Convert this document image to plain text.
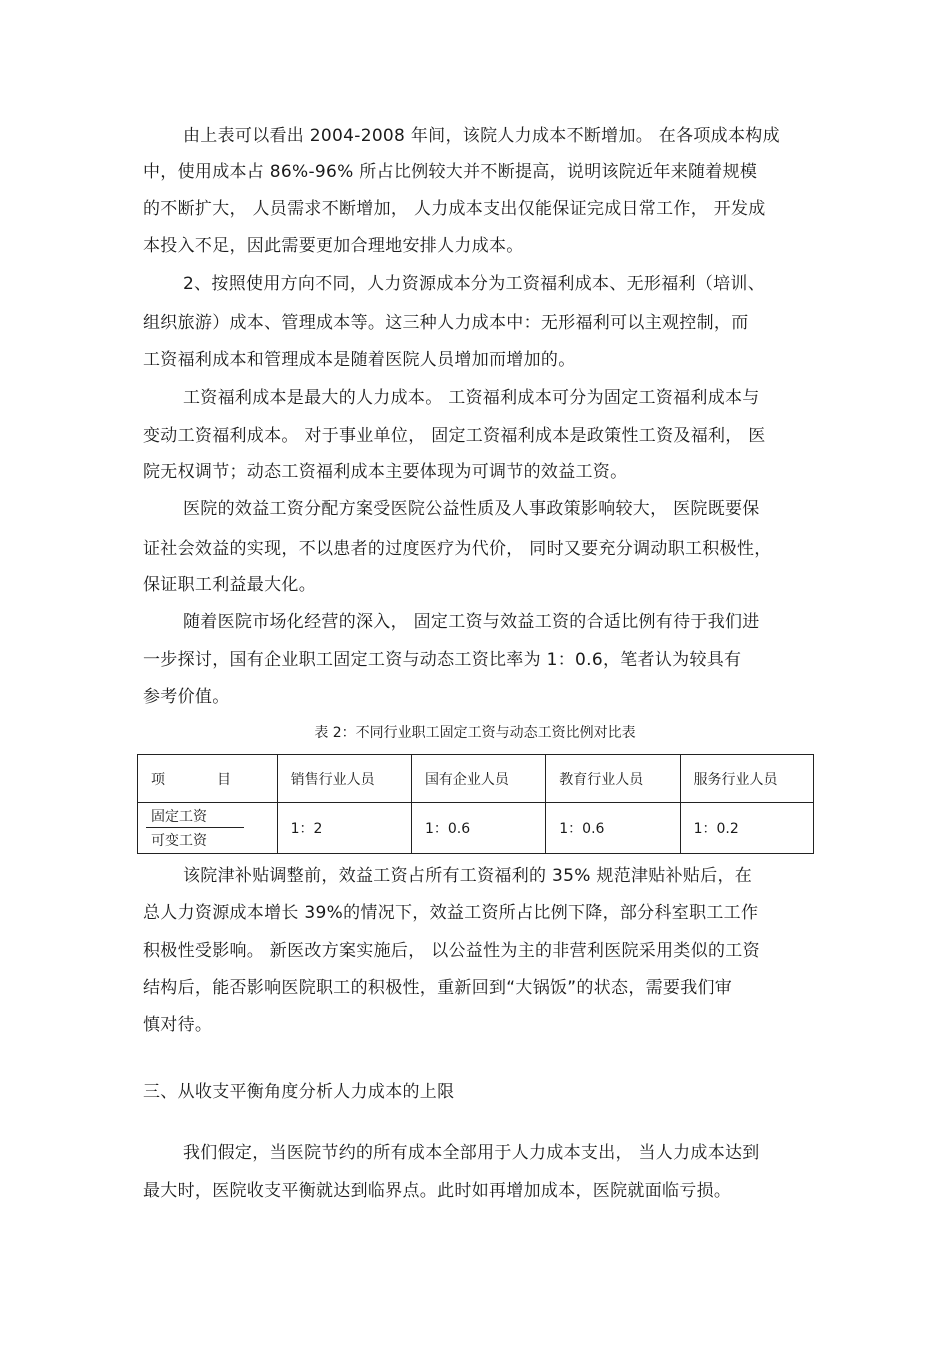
由上表可以看出 2004-2008 年间，该院人力成本不断增加。 在各项成本构成
中，使用成本占 86%-96% 所占比例较大并不断提高，说明该院近年来随着规模
的不断扩大， 人员需求不断增加， 人力成本支出仅能保证完成日常工作， 开发成
本投入不足，因此需要更加合理地安排人力成本。
2、按照使用方向不同，人力资源成本分为工资福利成本、无形福利（培训、
组织旅游）成本、管理成本等。这三种人力成本中：无形福利可以主观控制，而
工资福利成本和管理成本是随着医院人员增加而增加的。
工资福利成本是最大的人力成本。 工资福利成本可分为固定工资福利成本与
变动工资福利成本。 对于事业单位， 固定工资福利成本是政策性工资及福利， 医
院无权调节；动态工资福利成本主要体现为可调节的效益工资。
医院的效益工资分配方案受医院公益性质及人事政策影响较大， 医院既要保
证社会效益的实现，不以患者的过度医疗为代价， 同时又要充分调动职工积极性，
保证职工利益最大化。
随着医院市场化经营的深入， 固定工资与效益工资的合适比例有待于我们进
一步探讨，国有企业职工固定工资与动态工资比率为 1：0.6，笔者认为较具有
参考价值。
该院津补贴调整前，效益工资占所有工资福利的 35% 规范津贴补贴后，在
总人力资源成本增长 39%的情况下，效益工资所占比例下降，部分科室职工工作
积极性受影响。 新医改方案实施后， 以公益性为主的非营利医院采用类似的工资
结构后，能否影响医院职工的积极性，重新回到“大锅饭”的状态，需要我们审
慎对待。
三、从收支平衡角度分析人力成本的上限
我们假定，当医院节约的所有成本全部用于人力成本支出， 当人力成本达到
最大时，医院收支平衡就达到临界点。此时如再增加成本，医院就面临亏损。
表 2：不同行业职工固定工资与动态工资比例对比表
项 目	销售行业人员	国有企业人员	教育行业人员	服务行业人员

固定工资
可变工资	1：2	1：0.6	1：0.6	1：0.2
